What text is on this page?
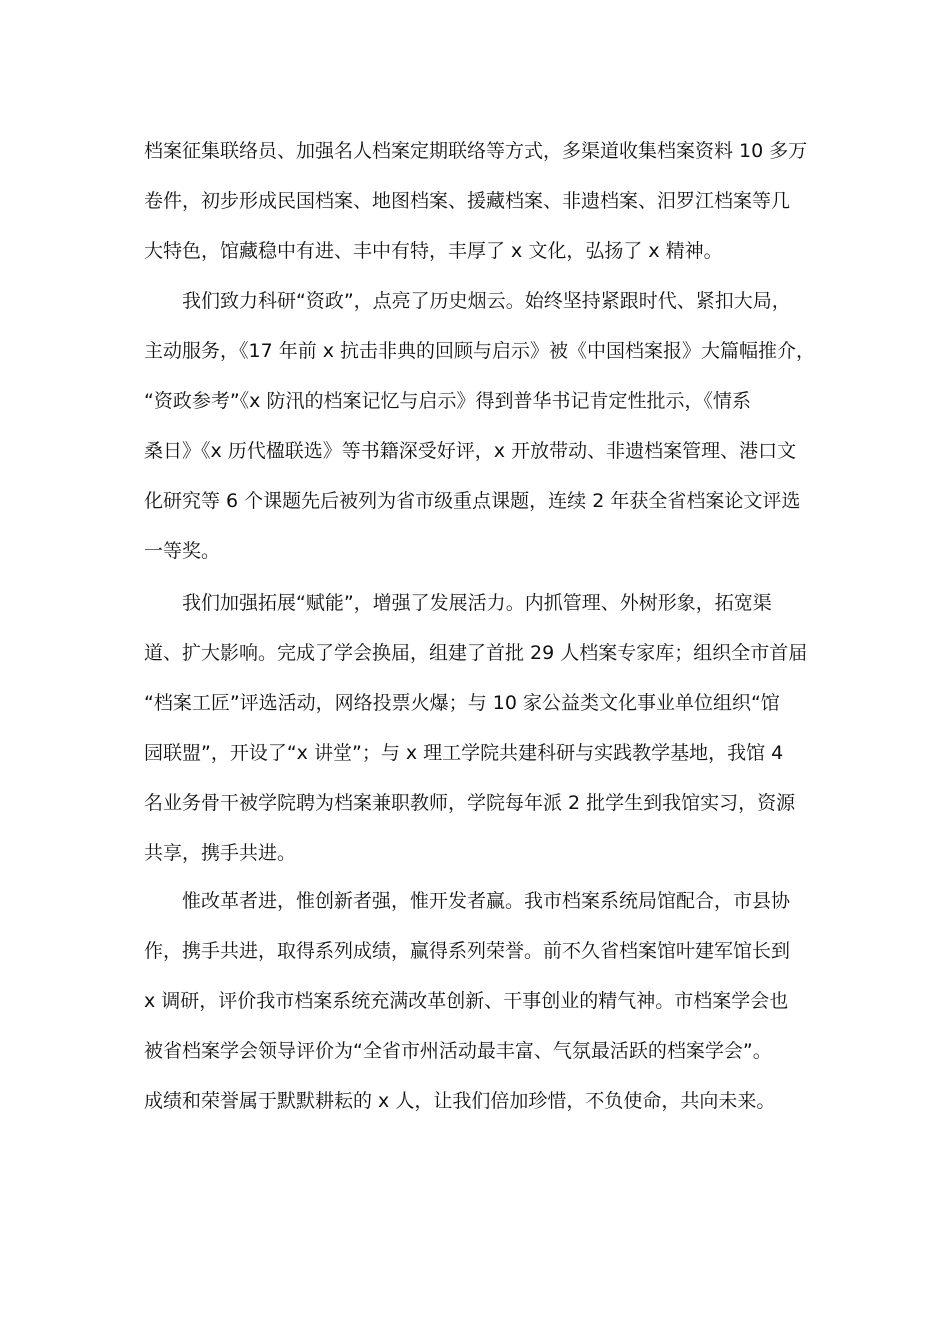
档案征集联络员、加强名人档案定期联络等方式，多渠道收集档案资料 10 多万
卷件，初步形成民国档案、地图档案、援藏档案、非遗档案、汨罗江档案等几
大特色，馆藏稳中有进、丰中有特，丰厚了 x 文化，弘扬了 x 精神。
我们致力科研“资政”，点亮了历史烟云。始终坚持紧跟时代、紧扣大局，
主动服务，《17 年前 x 抗击非典的回顾与启示》被《中国档案报》大篇幅推介，
“资政参考”《x 防汛的档案记忆与启示》得到普华书记肯定性批示，《情系
桑日》《x 历代楹联选》等书籍深受好评，x 开放带动、非遗档案管理、港口文
化研究等 6 个课题先后被列为省市级重点课题，连续 2 年获全省档案论文评选
一等奖。
我们加强拓展“赋能”，增强了发展活力。内抓管理、外树形象，拓宽渠
道、扩大影响。完成了学会换届，组建了首批 29 人档案专家库；组织全市首届
“档案工匠”评选活动，网络投票火爆；与 10 家公益类文化事业单位组织“馆
园联盟”，开设了“x 讲堂”；与 x 理工学院共建科研与实践教学基地，我馆 4
名业务骨干被学院聘为档案兼职教师，学院每年派 2 批学生到我馆实习，资源
共享，携手共进。
惟改革者进，惟创新者强，惟开发者赢。我市档案系统局馆配合，市县协
作，携手共进，取得系列成绩，赢得系列荣誉。前不久省档案馆叶建军馆长到
x 调研，评价我市档案系统充满改革创新、干事创业的精气神。市档案学会也
被省档案学会领导评价为“全省市州活动最丰富、气氛最活跃的档案学会”。
成绩和荣誉属于默默耕耘的 x 人，让我们倍加珍惜，不负使命，共向未来。
